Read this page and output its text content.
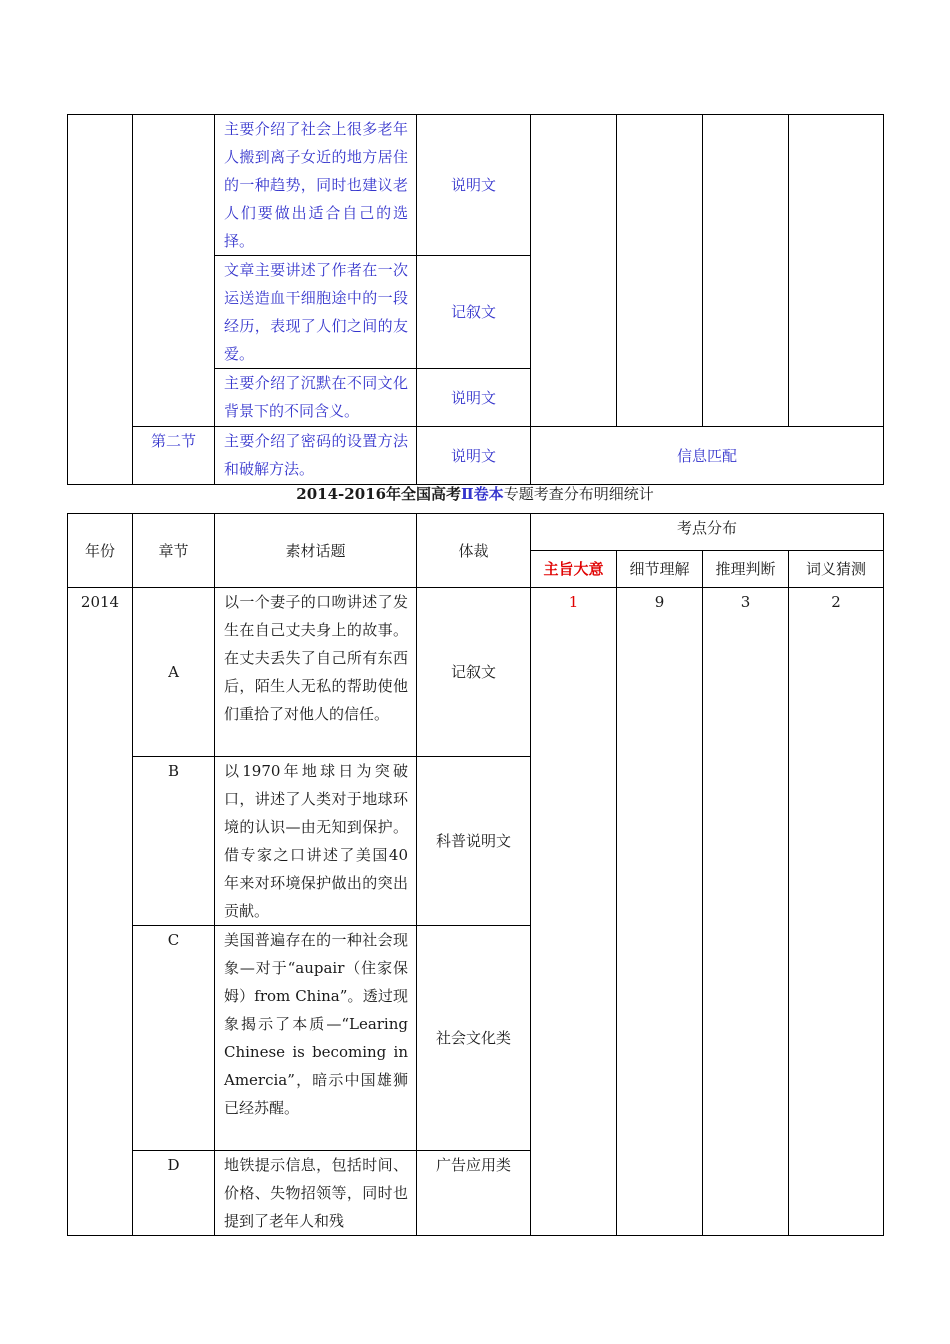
		主要介绍了社会上很多老年人搬到离子女近的地方居住的一种趋势，同时也建议老人们要做出适合自己的选择。	说明文				
		文章主要讲述了作者在一次运送造血干细胞途中的一段经历，表现了人们之间的友爱。	记叙文				
		主要介绍了沉默在不同文化背景下的不同含义。	说明文				
	第二节	主要介绍了密码的设置方法和破解方法。	说明文	信息匹配			
2014-2016年全国高考Ⅱ卷本专题考查分布明细统计
年份	章节	素材话题	体裁	考点分布			
				主旨大意	细节理解	推理判断	词义猜测
2014	A	以一个妻子的口吻讲述了发生在自己丈夫身上的故事。在丈夫丢失了自己所有东西后，陌生人无私的帮助使他们重拾了对他人的信任。	记叙文	1	9	3	2
	B	以1970年地球日为突破口，讲述了人类对于地球环境的认识—由无知到保护。借专家之口讲述了美国40年来对环境保护做出的突出贡献。	科普说明文				
	C	美国普遍存在的一种社会现象—对于“aupair（住家保姆）from China”。透过现象揭示了本质—“Learing Chinese is becoming in Amercia”，暗示中国雄狮已经苏醒。	社会文化类				
	D	地铁提示信息，包括时间、价格、失物招领等，同时也提到了老年人和残	广告应用类				
